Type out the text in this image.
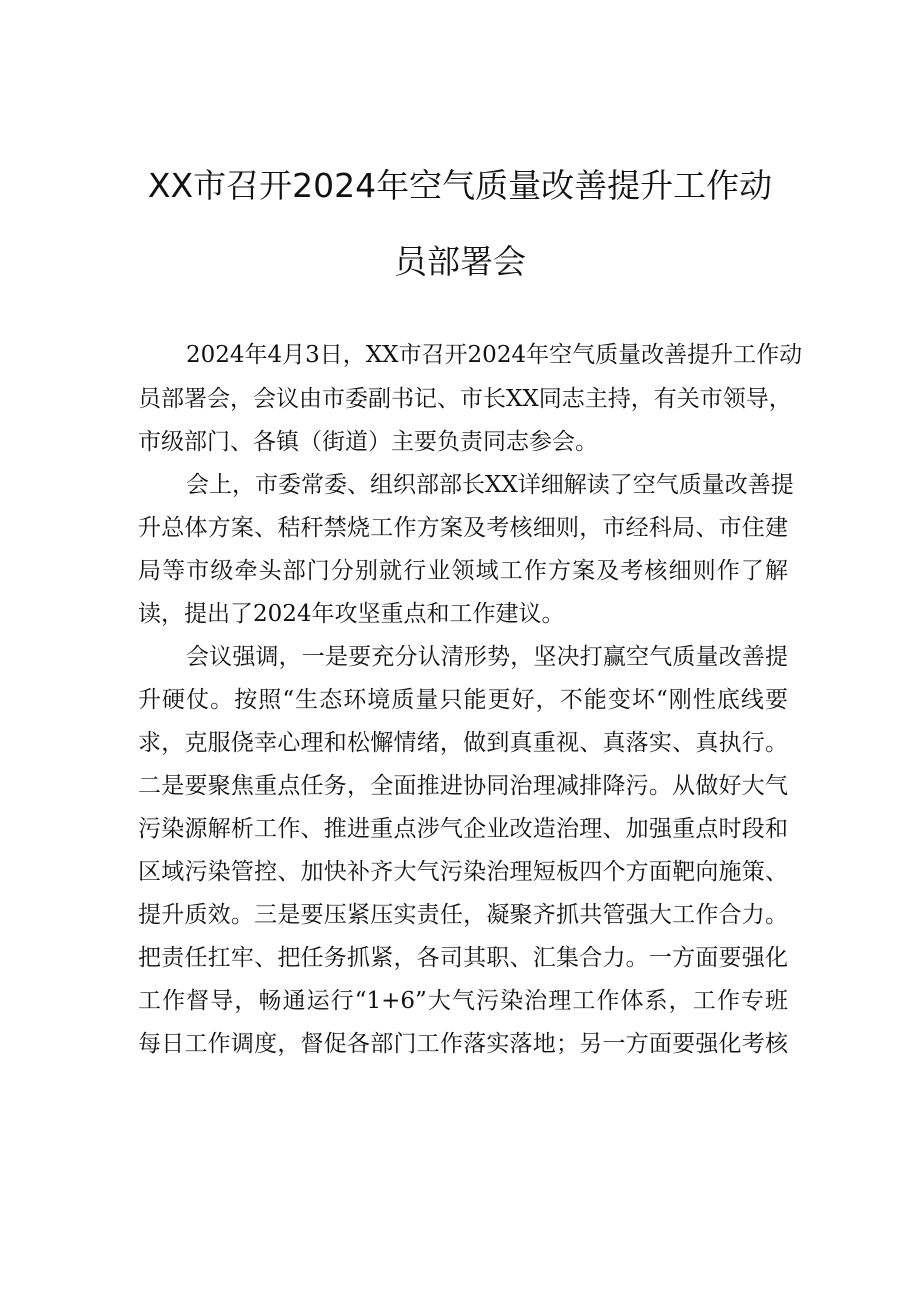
XX市召开2024年空气质量改善提升工作动
员部署会
2024年4月3日，XX市召开2024年空气质量改善提升工作动
员部署会，会议由市委副书记、市长XX同志主持，有关市领导，
市级部门、各镇（街道）主要负责同志参会。
会上，市委常委、组织部部长XX详细解读了空气质量改善提
升总体方案、秸秆禁烧工作方案及考核细则，市经科局、市住建
局等市级牵头部门分别就行业领域工作方案及考核细则作了解
读，提出了2024年攻坚重点和工作建议。
会议强调，一是要充分认清形势，坚决打赢空气质量改善提
升硬仗。按照“生态环境质量只能更好，不能变坏“刚性底线要
求，克服侥幸心理和松懈情绪，做到真重视、真落实、真执行。
二是要聚焦重点任务，全面推进协同治理减排降污。从做好大气
污染源解析工作、推进重点涉气企业改造治理、加强重点时段和
区域污染管控、加快补齐大气污染治理短板四个方面靶向施策、
提升质效。三是要压紧压实责任，凝聚齐抓共管强大工作合力。
把责任扛牢、把任务抓紧，各司其职、汇集合力。一方面要强化
工作督导，畅通运行“1+6”大气污染治理工作体系，工作专班
每日工作调度，督促各部门工作落实落地；另一方面要强化考核
